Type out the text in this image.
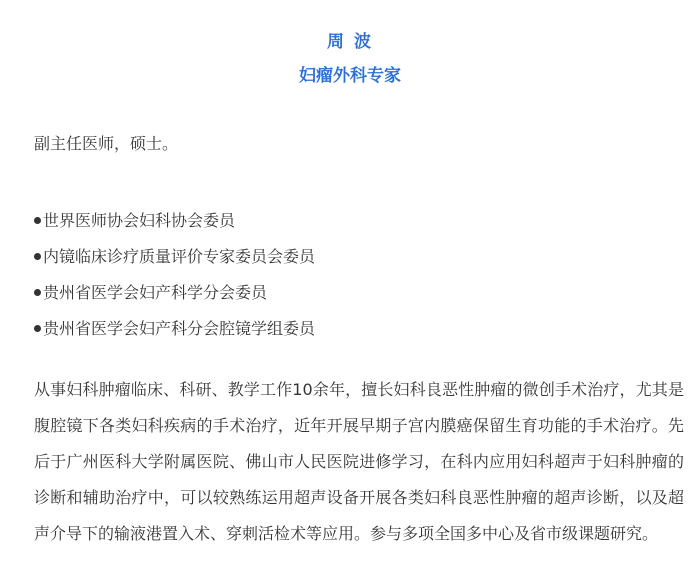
周 波
妇瘤外科专家
副主任医师，硕士。
世界医师协会妇科协会委员
内镜临床诊疗质量评价专家委员会委员
贵州省医学会妇产科学分会委员
贵州省医学会妇产科分会腔镜学组委员

从事妇科肿瘤临床、科研、教学工作10余年，擅长妇科良恶性肿瘤的微创手术治疗，尤其是腹腔镜下各类妇科疾病的手术治疗，近年开展早期子宫内膜癌保留生育功能的手术治疗。先后于广州医科大学附属医院、佛山市人民医院进修学习，在科内应用妇科超声于妇科肿瘤的诊断和辅助治疗中，可以较熟练运用超声设备开展各类妇科良恶性肿瘤的超声诊断，以及超声介导下的输液港置入术、穿刺活检术等应用。参与多项全国多中心及省市级课题研究。
